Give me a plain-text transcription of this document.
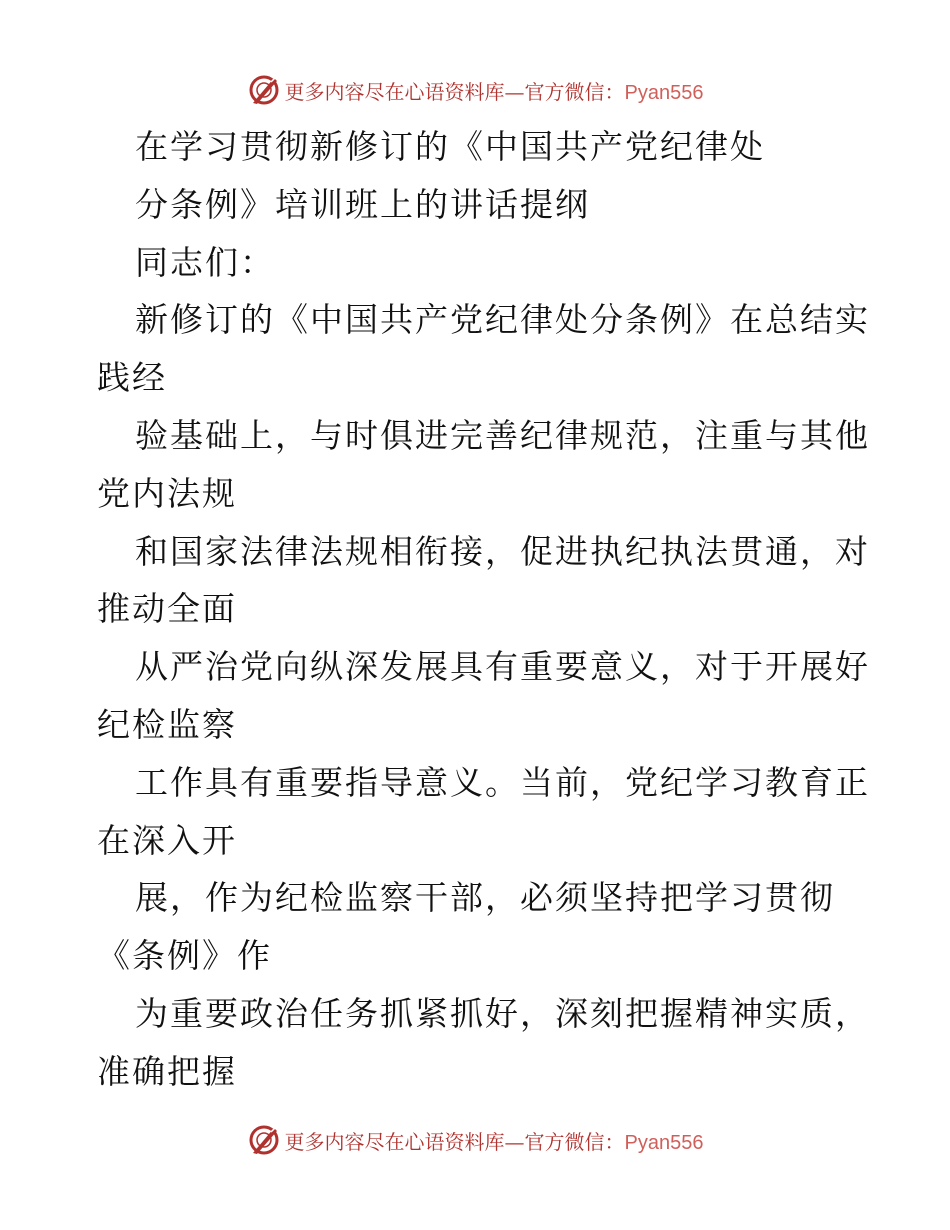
更多内容尽在心语资料库—官方微信：Pyan556
在学习贯彻新修订的《中国共产党纪律处
分条例》培训班上的讲话提纲
同志们：
新修订的《中国共产党纪律处分条例》在总结实
践经
验基础上，与时俱进完善纪律规范，注重与其他
党内法规
和国家法律法规相衔接，促进执纪执法贯通，对
推动全面
从严治党向纵深发展具有重要意义，对于开展好
纪检监察
工作具有重要指导意义。当前，党纪学习教育正
在深入开
展，作为纪检监察干部，必须坚持把学习贯彻
《条例》作
为重要政治任务抓紧抓好，深刻把握精神实质，
准确把握
更多内容尽在心语资料库—官方微信：Pyan556
